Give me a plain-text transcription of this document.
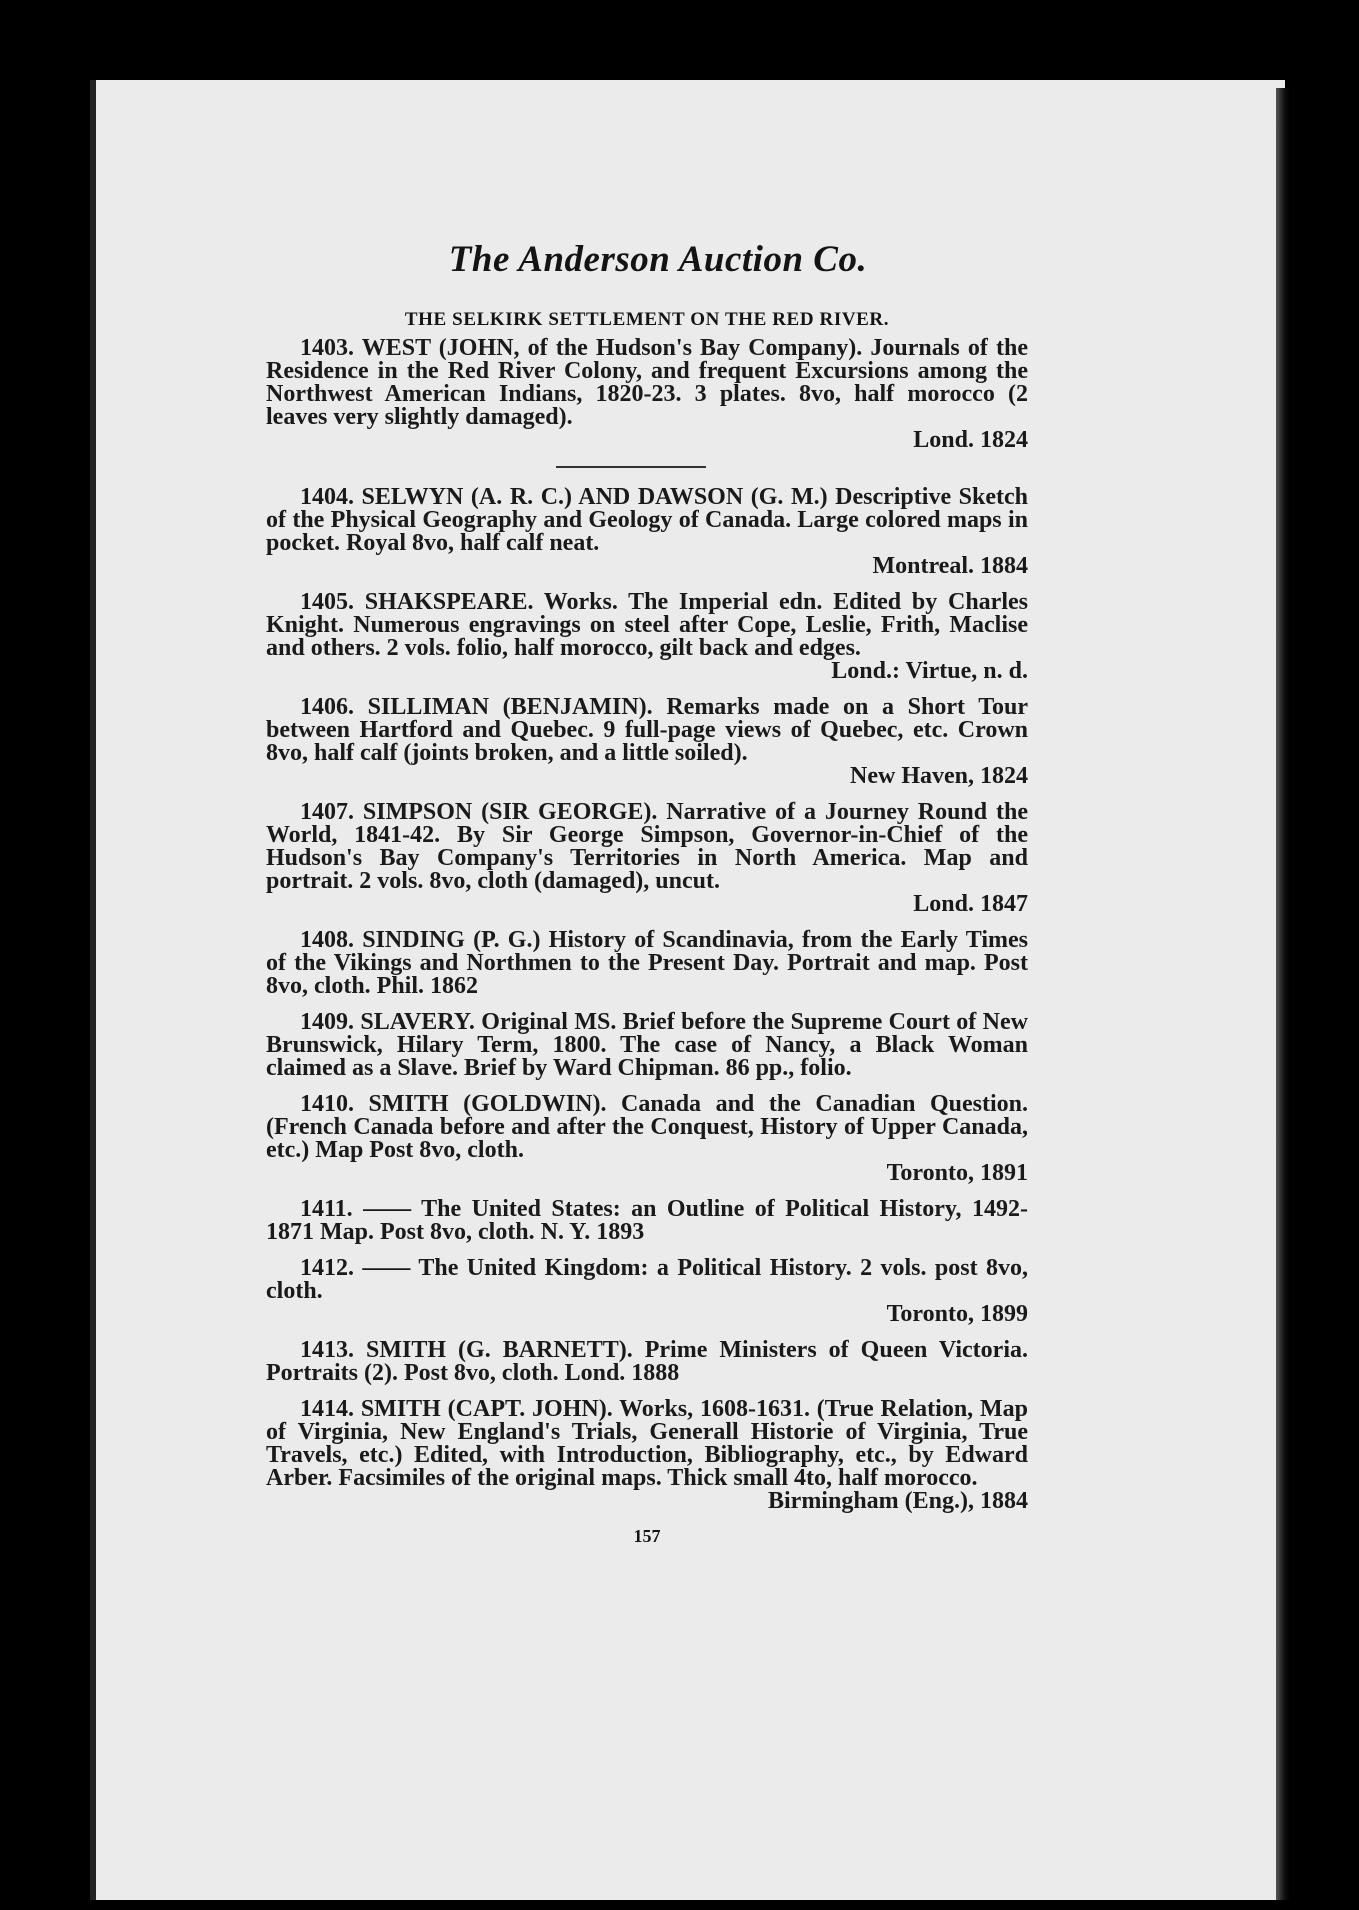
The Anderson Auction Co.
THE SELKIRK SETTLEMENT ON THE RED RIVER.

1403. WEST (JOHN, of the Hudson's Bay Company). Journals of the Residence in the Red River Colony, and frequent Excursions among the Northwest American Indians, 1820-23. 3 plates. 8vo, half morocco (2 leaves very slightly damaged).

Lond. 1824

1404. SELWYN (A. R. C.) AND DAWSON (G. M.) Descriptive Sketch of the Physical Geography and Geology of Canada. Large colored maps in pocket. Royal 8vo, half calf neat.

Montreal. 1884

1405. SHAKSPEARE. Works. The Imperial edn. Edited by Charles Knight. Numerous engravings on steel after Cope, Leslie, Frith, Maclise and others. 2 vols. folio, half morocco, gilt back and edges.

Lond.: Virtue, n. d.

1406. SILLIMAN (BENJAMIN). Remarks made on a Short Tour between Hartford and Quebec. 9 full-page views of Quebec, etc. Crown 8vo, half calf (joints broken, and a little soiled).

New Haven, 1824

1407. SIMPSON (SIR GEORGE). Narrative of a Journey Round the World, 1841-42. By Sir George Simpson, Governor-in-Chief of the Hudson's Bay Company's Territories in North America. Map and portrait. 2 vols. 8vo, cloth (damaged), uncut.

Lond. 1847

1408. SINDING (P. G.) History of Scandinavia, from the Early Times of the Vikings and Northmen to the Present Day. Portrait and map. Post 8vo, cloth. Phil. 1862

1409. SLAVERY. Original MS. Brief before the Supreme Court of New Brunswick, Hilary Term, 1800. The case of Nancy, a Black Woman claimed as a Slave. Brief by Ward Chipman. 86 pp., folio.

1410. SMITH (GOLDWIN). Canada and the Canadian Question. (French Canada before and after the Conquest, History of Upper Canada, etc.) Map Post 8vo, cloth.

Toronto, 1891

1411. —— The United States: an Outline of Political History, 1492-1871 Map. Post 8vo, cloth. N. Y. 1893

1412. —— The United Kingdom: a Political History. 2 vols. post 8vo, cloth.

Toronto, 1899

1413. SMITH (G. BARNETT). Prime Ministers of Queen Victoria. Portraits (2). Post 8vo, cloth. Lond. 1888

1414. SMITH (CAPT. JOHN). Works, 1608-1631. (True Relation, Map of Virginia, New England's Trials, Generall Historie of Virginia, True Travels, etc.) Edited, with Introduction, Bibliography, etc., by Edward Arber. Facsimiles of the original maps. Thick small 4to, half morocco.

Birmingham (Eng.), 1884
157
